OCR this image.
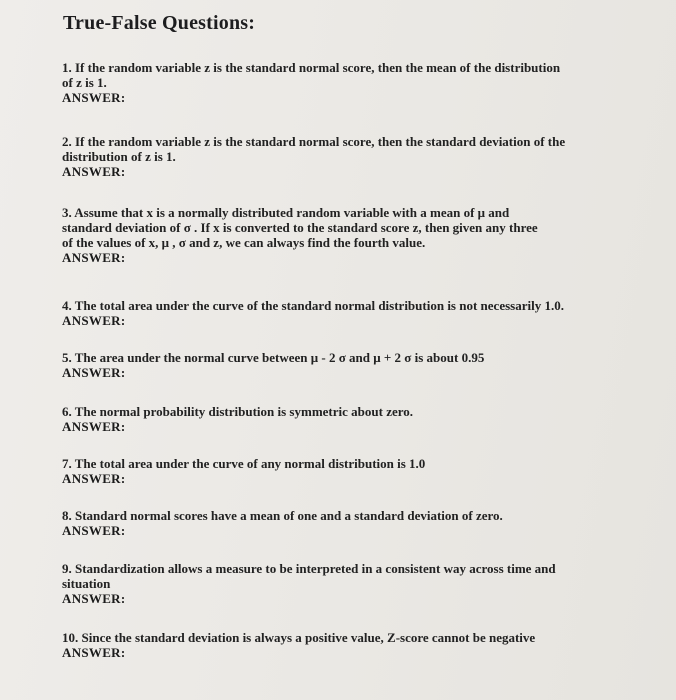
True-False Questions:
1. If the random variable z is the standard normal score, then the mean of the distribution
of z is 1.
ANSWER:
2. If the random variable z is the standard normal score, then the standard deviation of the
distribution of z is 1.
ANSWER:
3. Assume that x is a normally distributed random variable with a mean of μ and
standard deviation of σ . If x is converted to the standard score z, then given any three
of the values of x, μ , σ and z, we can always find the fourth value.
ANSWER:
4. The total area under the curve of the standard normal distribution is not necessarily 1.0.
ANSWER:
5. The area under the normal curve between μ - 2 σ and μ + 2 σ is about 0.95
ANSWER:
6. The normal probability distribution is symmetric about zero.
ANSWER:
7. The total area under the curve of any normal distribution is 1.0
ANSWER:
8. Standard normal scores have a mean of one and a standard deviation of zero.
ANSWER:
9. Standardization allows a measure to be interpreted in a consistent way across time and
situation
ANSWER:
10. Since the standard deviation is always a positive value, Z-score cannot be negative
ANSWER:
